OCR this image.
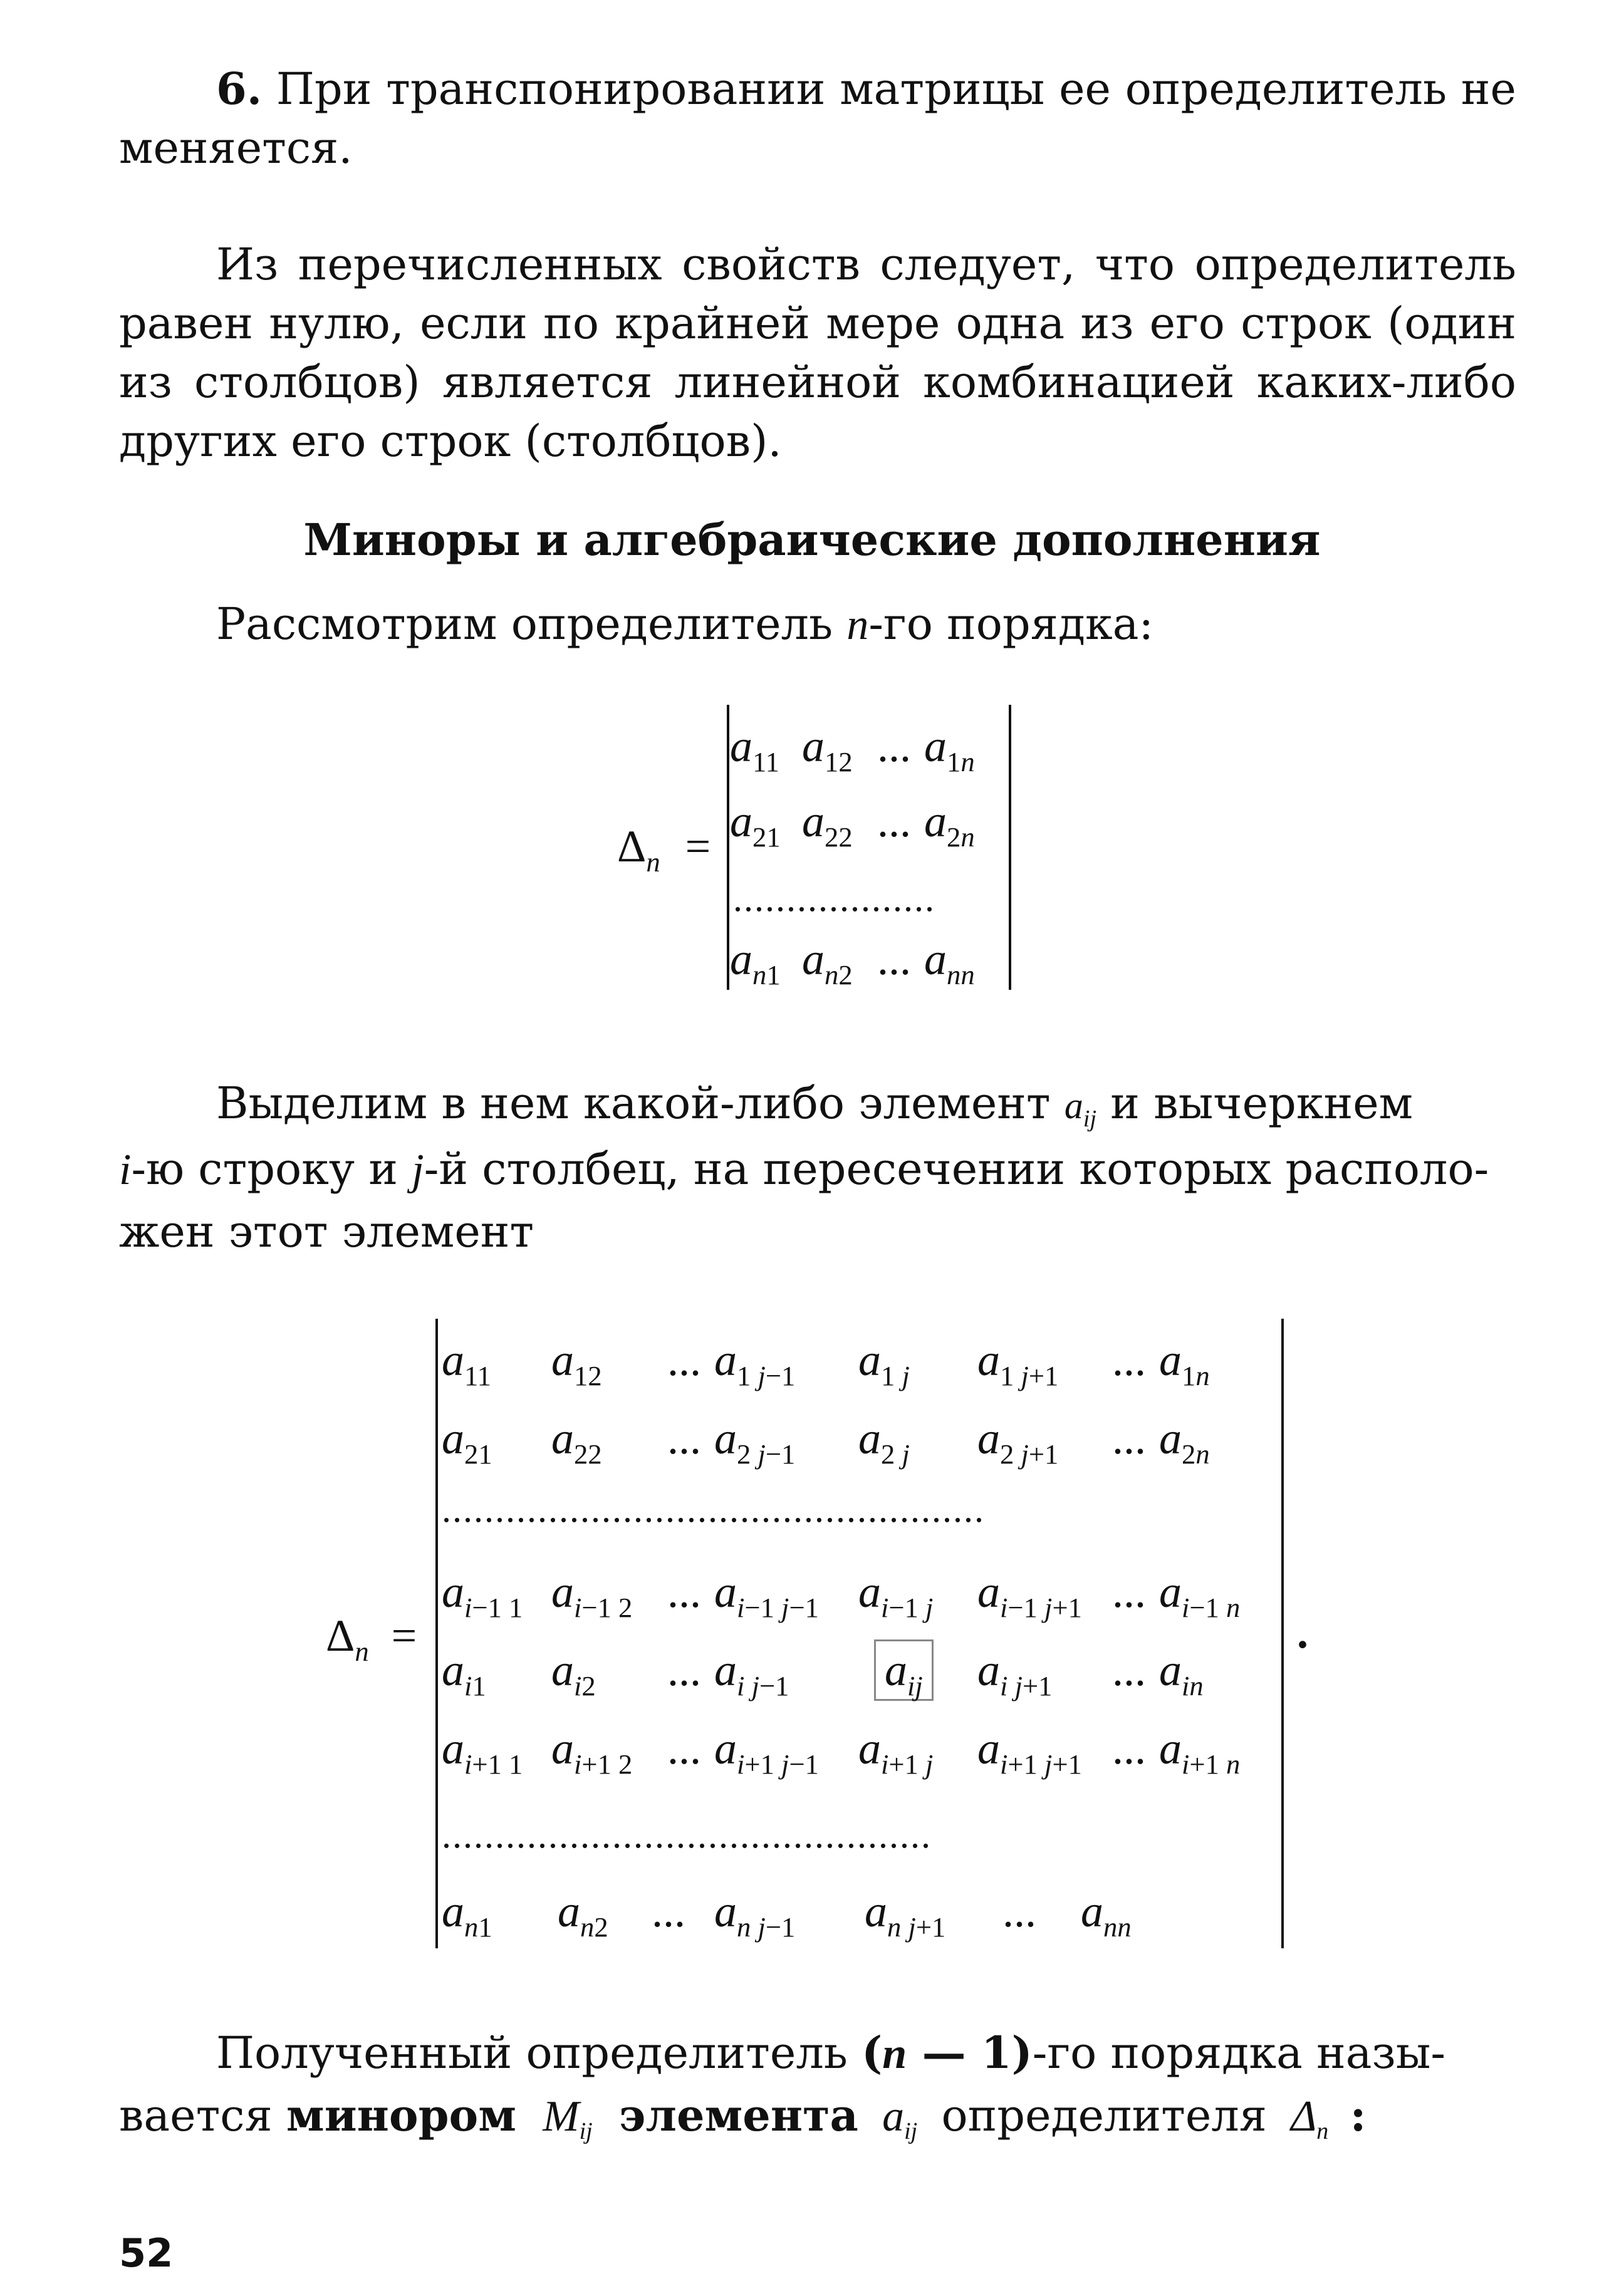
6. При транспонировании матрицы ее определитель не меняется.
Из перечисленных свойств следует, что определитель равен нулю, если по крайней мере одна из его строк (один из столбцов) является линейной комбинацией каких-либо других его строк (столбцов).
Миноры и алгебраические дополнения
Рассмотрим определитель n-го порядка:
$\Delta_n$ =
$a_{11}$ $a_{12}$ ... $a_{1n}$
$a_{21}$ $a_{22}$ ... $a_{2n}$
$a_{n1}$ $a_{n2}$ ... $a_{nn}$
...................
Выделим в нем какой-либо элемент aij и вычеркнем
i-ю строку и j-й столбец, на пересечении которых располо-
жен этот элемент
$\Delta_n$ =	.
$a_{11}$ $a_{12}$ ... $a_{1 j-1}$ $a_{1 j}$ $a_{1 j+1}$ ... $a_{1n}$
$a_{21}$ $a_{22}$ ... $a_{2 j-1}$ $a_{2 j}$ $a_{2 j+1}$ ... $a_{2n}$
$a_{i-1 1}$ $a_{i-1 2}$ ... $a_{i-1 j-1}$ $a_{i-1 j}$ $a_{i-1 j+1}$ ... $a_{i-1 n}$
$a_{i1}$ $a_{i2}$ ... $a_{i j-1}$ $a_{ij}$ $a_{i j+1}$ ... $a_{in}$
$a_{i+1 1}$ $a_{i+1 2}$ ... $a_{i+1 j-1}$ $a_{i+1 j}$ $a_{i+1 j+1}$ ... $a_{i+1 n}$
$a_{n1}$ $a_{n2}$ ... $a_{n j-1}$ $a_{n j+1}$ ... $a_{nn}$
...................................................
..............................................
Полученный определитель (n — 1)-го порядка назы-
вается минором Mij элемента aij определителя Δn :
52
